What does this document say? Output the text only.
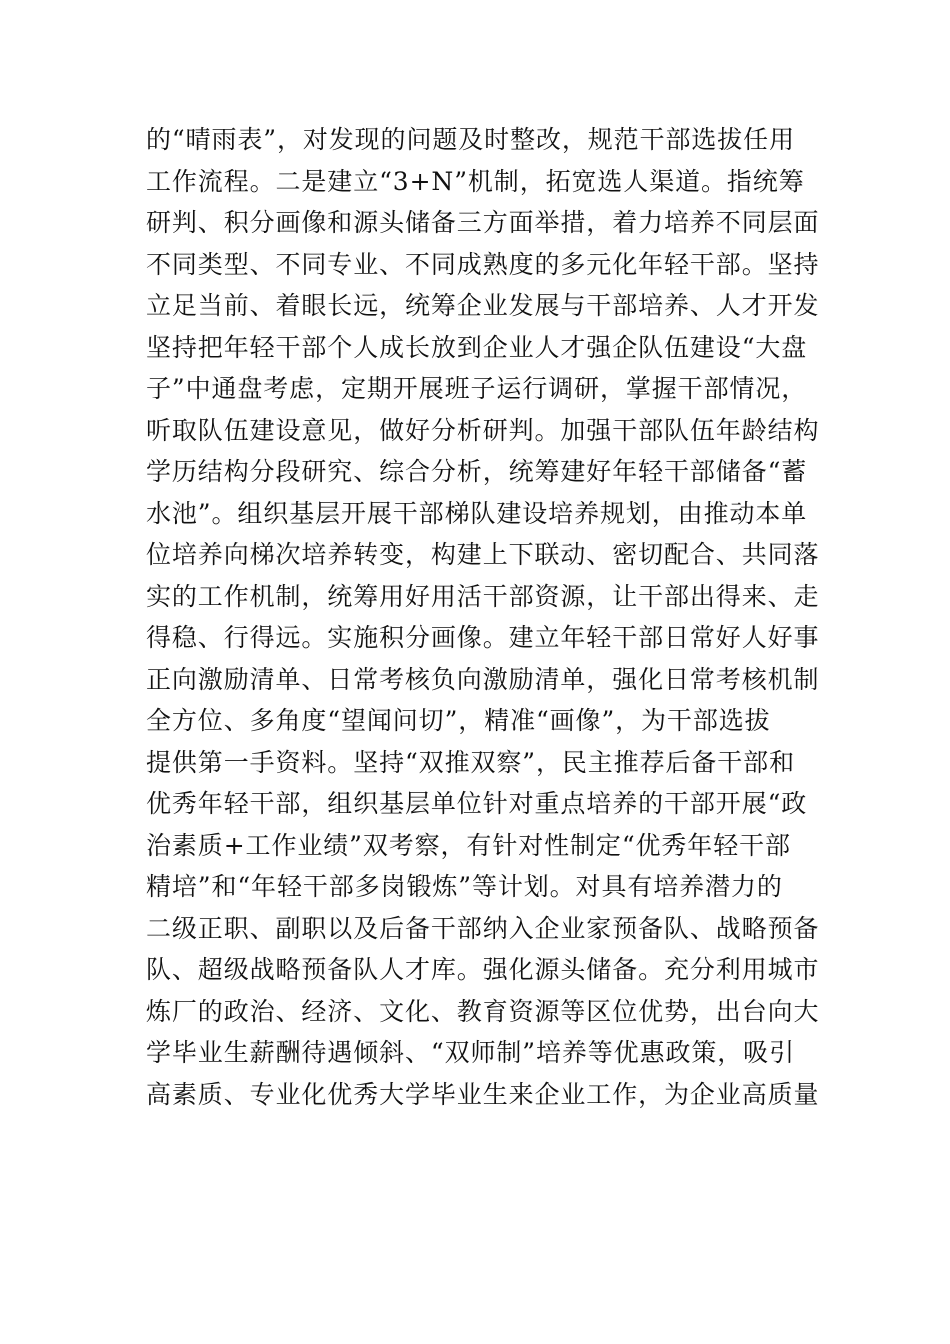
的“晴雨表”，对发现的问题及时整改，规范干部选拔任用
工作流程。二是建立“3+N”机制，拓宽选人渠道。指统筹
研判、积分画像和源头储备三方面举措，着力培养不同层面
不同类型、不同专业、不同成熟度的多元化年轻干部。坚持
立足当前、着眼长远，统筹企业发展与干部培养、人才开发
坚持把年轻干部个人成长放到企业人才强企队伍建设“大盘
子”中通盘考虑，定期开展班子运行调研，掌握干部情况，
听取队伍建设意见，做好分析研判。加强干部队伍年龄结构
学历结构分段研究、综合分析，统筹建好年轻干部储备“蓄
水池”。组织基层开展干部梯队建设培养规划，由推动本单
位培养向梯次培养转变，构建上下联动、密切配合、共同落
实的工作机制，统筹用好用活干部资源，让干部出得来、走
得稳、行得远。实施积分画像。建立年轻干部日常好人好事
正向激励清单、日常考核负向激励清单，强化日常考核机制
全方位、多角度“望闻问切”，精准“画像”，为干部选拔
提供第一手资料。坚持“双推双察”，民主推荐后备干部和
优秀年轻干部，组织基层单位针对重点培养的干部开展“政
治素质+工作业绩”双考察，有针对性制定“优秀年轻干部
精培”和“年轻干部多岗锻炼”等计划。对具有培养潜力的
二级正职、副职以及后备干部纳入企业家预备队、战略预备
队、超级战略预备队人才库。强化源头储备。充分利用城市
炼厂的政治、经济、文化、教育资源等区位优势，出台向大
学毕业生薪酬待遇倾斜、“双师制”培养等优惠政策，吸引
高素质、专业化优秀大学毕业生来企业工作，为企业高质量
